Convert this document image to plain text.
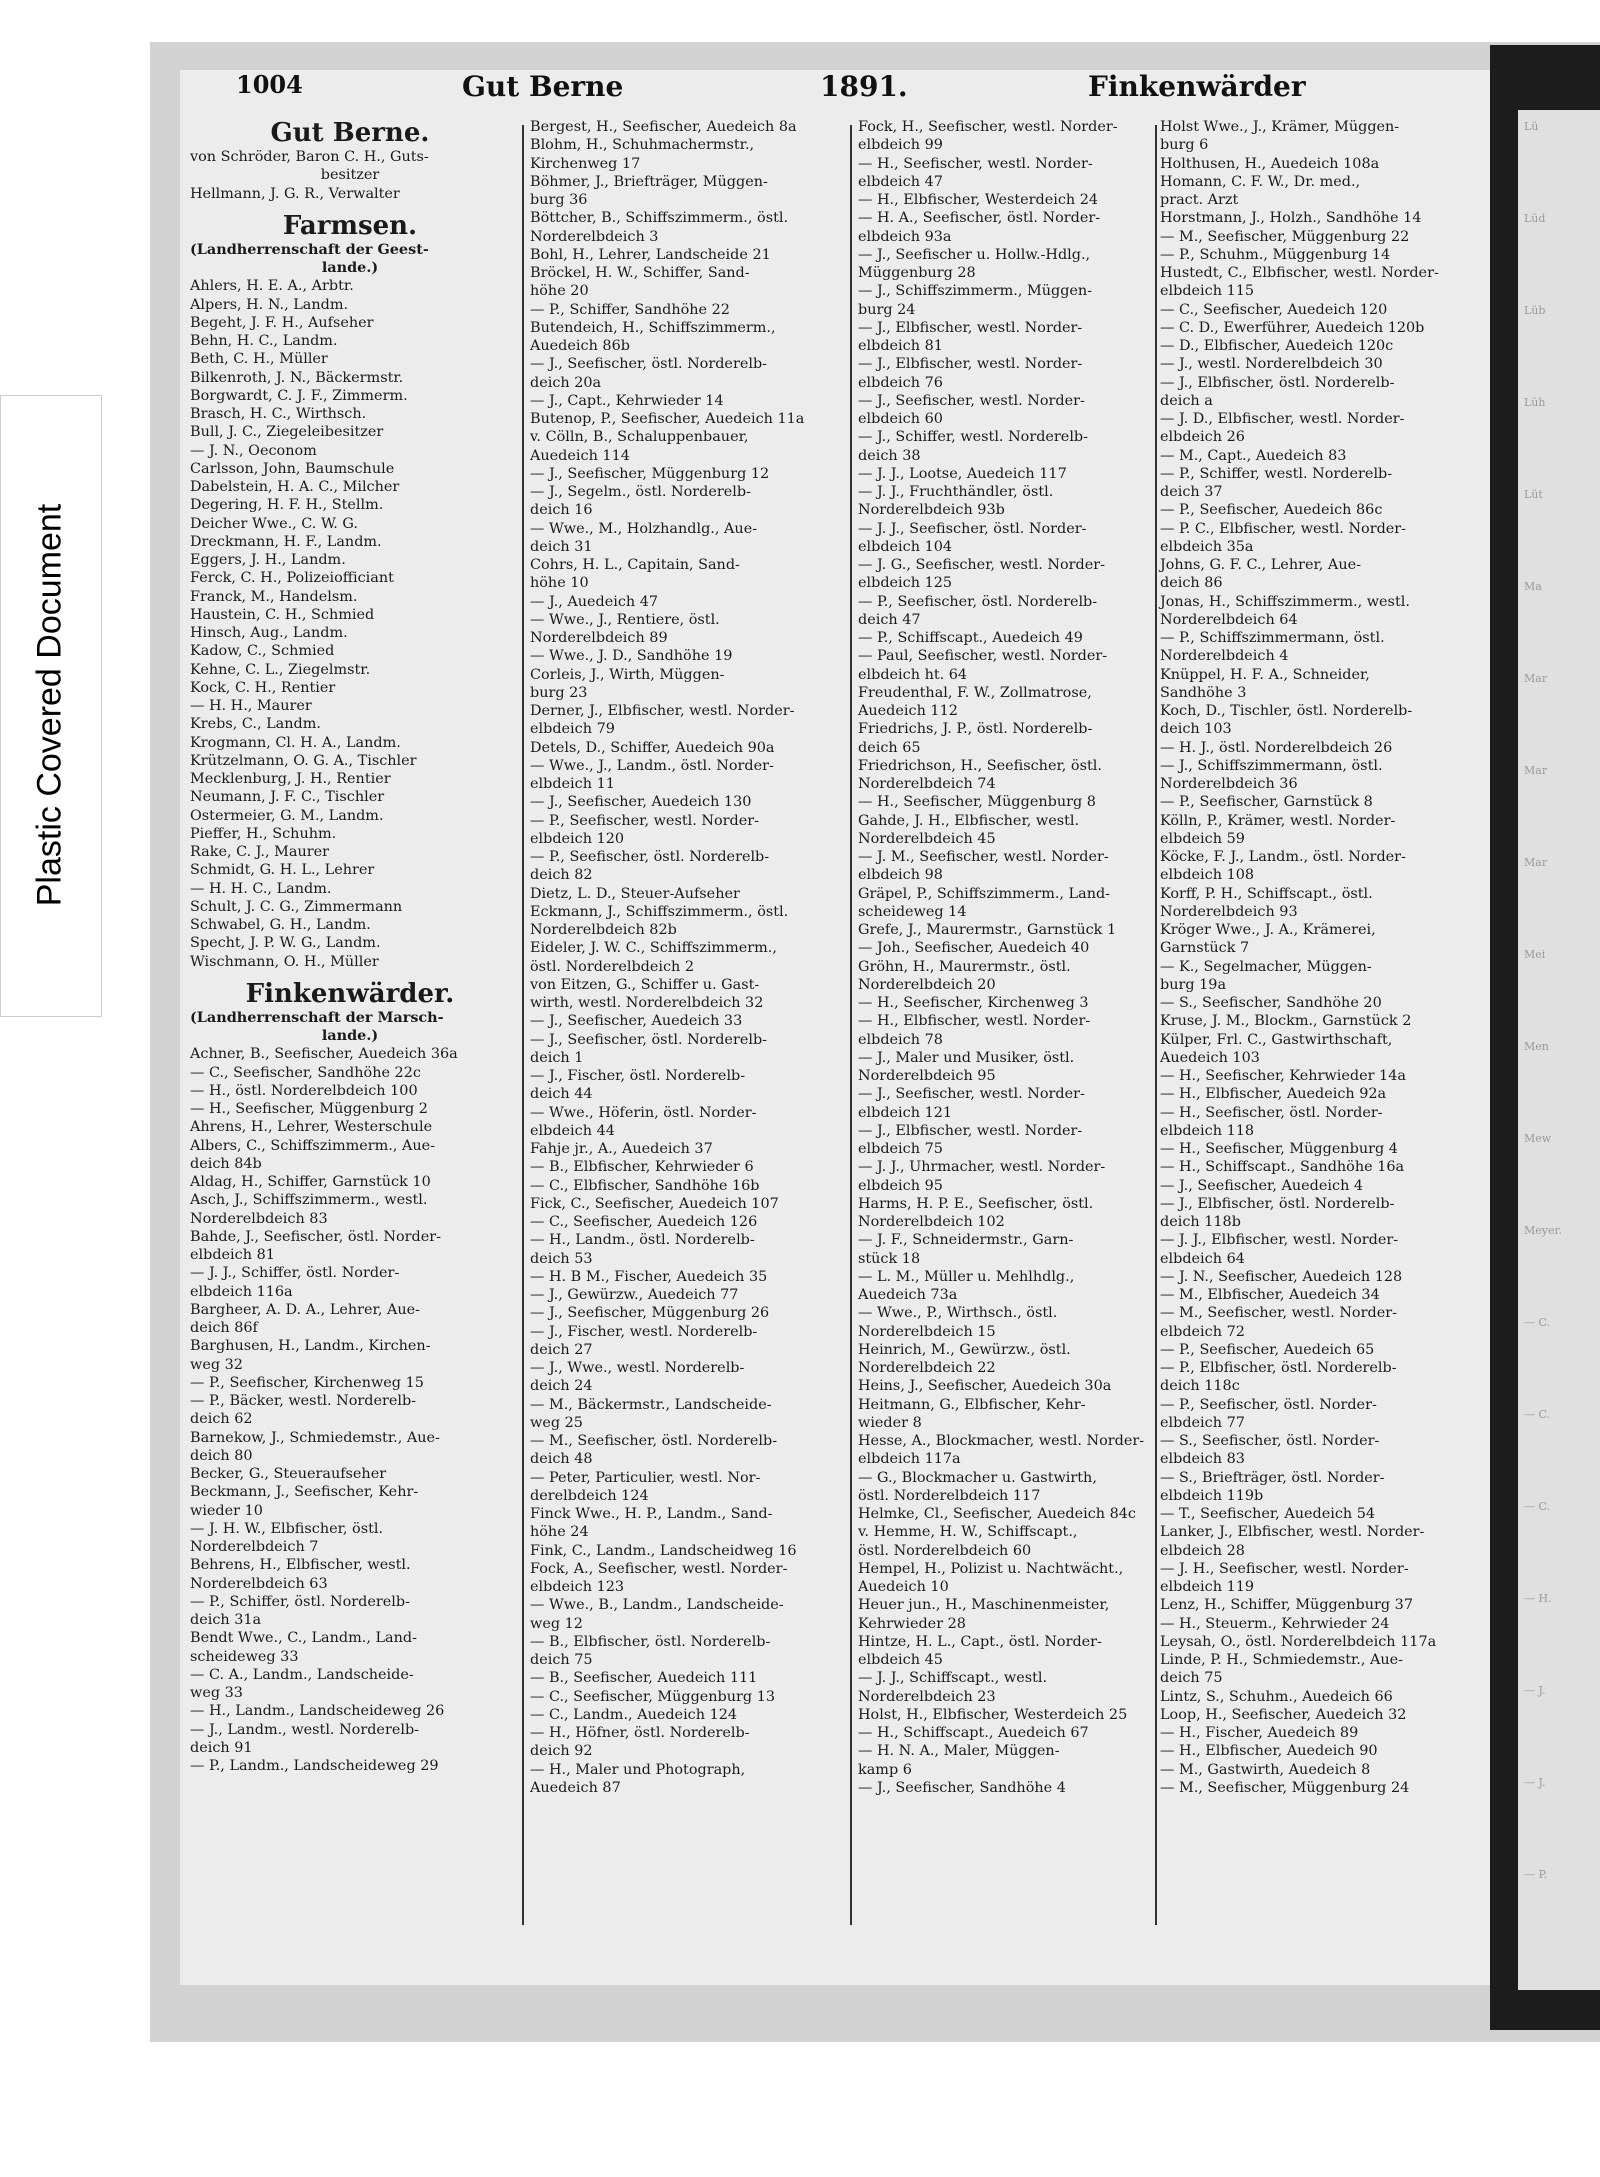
Plastic Covered Document
Lü
Lüd
Lüb
Lüh
Lüt
Ma
Mar
Mar
Mar
Mei
Men
Mew
Meyer.
— C.
— C.
— C.
— H.
— J.
— J.
— P.
1004	Gut Berne	1891.	Finkenwärder
Gut Berne.
von Schröder, Baron C. H., Guts-
besitzer
Hellmann, J. G. R., Verwalter
Farmsen.
(Landherrenschaft der Geest-
lande.)
Ahlers, H. E. A., Arbtr.
Alpers, H. N., Landm.
Begeht, J. F. H., Aufseher
Behn, H. C., Landm.
Beth, C. H., Müller
Bilkenroth, J. N., Bäckermstr.
Borgwardt, C. J. F., Zimmerm.
Brasch, H. C., Wirthsch.
Bull, J. C., Ziegeleibesitzer
— J. N., Oeconom
Carlsson, John, Baumschule
Dabelstein, H. A. C., Milcher
Degering, H. F. H., Stellm.
Deicher Wwe., C. W. G.
Dreckmann, H. F., Landm.
Eggers, J. H., Landm.
Ferck, C. H., Polizeiofficiant
Franck, M., Handelsm.
Haustein, C. H., Schmied
Hinsch, Aug., Landm.
Kadow, C., Schmied
Kehne, C. L., Ziegelmstr.
Kock, C. H., Rentier
— H. H., Maurer
Krebs, C., Landm.
Krogmann, Cl. H. A., Landm.
Krützelmann, O. G. A., Tischler
Mecklenburg, J. H., Rentier
Neumann, J. F. C., Tischler
Ostermeier, G. M., Landm.
Pieffer, H., Schuhm.
Rake, C. J., Maurer
Schmidt, G. H. L., Lehrer
— H. H. C., Landm.
Schult, J. C. G., Zimmermann
Schwabel, G. H., Landm.
Specht, J. P. W. G., Landm.
Wischmann, O. H., Müller
Finkenwärder.
(Landherrenschaft der Marsch-
lande.)
Achner, B., Seefischer, Auedeich 36a
— C., Seefischer, Sandhöhe 22c
— H., östl. Norderelbdeich 100
— H., Seefischer, Müggenburg 2
Ahrens, H., Lehrer, Westerschule
Albers, C., Schiffszimmerm., Aue-
deich 84b
Aldag, H., Schiffer, Garnstück 10
Asch, J., Schiffszimmerm., westl.
Norderelbdeich 83
Bahde, J., Seefischer, östl. Norder-
elbdeich 81
— J. J., Schiffer, östl. Norder-
elbdeich 116a
Bargheer, A. D. A., Lehrer, Aue-
deich 86f
Barghusen, H., Landm., Kirchen-
weg 32
— P., Seefischer, Kirchenweg 15
— P., Bäcker, westl. Norderelb-
deich 62
Barnekow, J., Schmiedemstr., Aue-
deich 80
Becker, G., Steueraufseher
Beckmann, J., Seefischer, Kehr-
wieder 10
— J. H. W., Elbfischer, östl.
Norderelbdeich 7
Behrens, H., Elbfischer, westl.
Norderelbdeich 63
— P., Schiffer, östl. Norderelb-
deich 31a
Bendt Wwe., C., Landm., Land-
scheideweg 33
— C. A., Landm., Landscheide-
weg 33
— H., Landm., Landscheideweg 26
— J., Landm., westl. Norderelb-
deich 91
— P., Landm., Landscheideweg 29
Bergest, H., Seefischer, Auedeich 8a
Blohm, H., Schuhmachermstr.,
Kirchenweg 17
Böhmer, J., Briefträger, Müggen-
burg 36
Böttcher, B., Schiffszimmerm., östl.
Norderelbdeich 3
Bohl, H., Lehrer, Landscheide 21
Bröckel, H. W., Schiffer, Sand-
höhe 20
— P., Schiffer, Sandhöhe 22
Butendeich, H., Schiffszimmerm.,
Auedeich 86b
— J., Seefischer, östl. Norderelb-
deich 20a
— J., Capt., Kehrwieder 14
Butenop, P., Seefischer, Auedeich 11a
v. Cölln, B., Schaluppenbauer,
Auedeich 114
— J., Seefischer, Müggenburg 12
— J., Segelm., östl. Norderelb-
deich 16
— Wwe., M., Holzhandlg., Aue-
deich 31
Cohrs, H. L., Capitain, Sand-
höhe 10
— J., Auedeich 47
— Wwe., J., Rentiere, östl.
Norderelbdeich 89
— Wwe., J. D., Sandhöhe 19
Corleis, J., Wirth, Müggen-
burg 23
Derner, J., Elbfischer, westl. Norder-
elbdeich 79
Detels, D., Schiffer, Auedeich 90a
— Wwe., J., Landm., östl. Norder-
elbdeich 11
— J., Seefischer, Auedeich 130
— P., Seefischer, westl. Norder-
elbdeich 120
— P., Seefischer, östl. Norderelb-
deich 82
Dietz, L. D., Steuer-Aufseher
Eckmann, J., Schiffszimmerm., östl.
Norderelbdeich 82b
Eideler, J. W. C., Schiffszimmerm.,
östl. Norderelbdeich 2
von Eitzen, G., Schiffer u. Gast-
wirth, westl. Norderelbdeich 32
— J., Seefischer, Auedeich 33
— J., Seefischer, östl. Norderelb-
deich 1
— J., Fischer, östl. Norderelb-
deich 44
— Wwe., Höferin, östl. Norder-
elbdeich 44
Fahje jr., A., Auedeich 37
— B., Elbfischer, Kehrwieder 6
— C., Elbfischer, Sandhöhe 16b
Fick, C., Seefischer, Auedeich 107
— C., Seefischer, Auedeich 126
— H., Landm., östl. Norderelb-
deich 53
— H. B M., Fischer, Auedeich 35
— J., Gewürzw., Auedeich 77
— J., Seefischer, Müggenburg 26
— J., Fischer, westl. Norderelb-
deich 27
— J., Wwe., westl. Norderelb-
deich 24
— M., Bäckermstr., Landscheide-
weg 25
— M., Seefischer, östl. Norderelb-
deich 48
— Peter, Particulier, westl. Nor-
derelbdeich 124
Finck Wwe., H. P., Landm., Sand-
höhe 24
Fink, C., Landm., Landscheidweg 16
Fock, A., Seefischer, westl. Norder-
elbdeich 123
— Wwe., B., Landm., Landscheide-
weg 12
— B., Elbfischer, östl. Norderelb-
deich 75
— B., Seefischer, Auedeich 111
— C., Seefischer, Müggenburg 13
— C., Landm., Auedeich 124
— H., Höfner, östl. Norderelb-
deich 92
— H., Maler und Photograph,
Auedeich 87
Fock, H., Seefischer, westl. Norder-
elbdeich 99
— H., Seefischer, westl. Norder-
elbdeich 47
— H., Elbfischer, Westerdeich 24
— H. A., Seefischer, östl. Norder-
elbdeich 93a
— J., Seefischer u. Hollw.-Hdlg.,
Müggenburg 28
— J., Schiffszimmerm., Müggen-
burg 24
— J., Elbfischer, westl. Norder-
elbdeich 81
— J., Elbfischer, westl. Norder-
elbdeich 76
— J., Seefischer, westl. Norder-
elbdeich 60
— J., Schiffer, westl. Norderelb-
deich 38
— J. J., Lootse, Auedeich 117
— J. J., Fruchthändler, östl.
Norderelbdeich 93b
— J. J., Seefischer, östl. Norder-
elbdeich 104
— J. G., Seefischer, westl. Norder-
elbdeich 125
— P., Seefischer, östl. Norderelb-
deich 47
— P., Schiffscapt., Auedeich 49
— Paul, Seefischer, westl. Norder-
elbdeich ht. 64
Freudenthal, F. W., Zollmatrose,
Auedeich 112
Friedrichs, J. P., östl. Norderelb-
deich 65
Friedrichson, H., Seefischer, östl.
Norderelbdeich 74
— H., Seefischer, Müggenburg 8
Gahde, J. H., Elbfischer, westl.
Norderelbdeich 45
— J. M., Seefischer, westl. Norder-
elbdeich 98
Gräpel, P., Schiffszimmerm., Land-
scheideweg 14
Grefe, J., Maurermstr., Garnstück 1
— Joh., Seefischer, Auedeich 40
Gröhn, H., Maurermstr., östl.
Norderelbdeich 20
— H., Seefischer, Kirchenweg 3
— H., Elbfischer, westl. Norder-
elbdeich 78
— J., Maler und Musiker, östl.
Norderelbdeich 95
— J., Seefischer, westl. Norder-
elbdeich 121
— J., Elbfischer, westl. Norder-
elbdeich 75
— J. J., Uhrmacher, westl. Norder-
elbdeich 95
Harms, H. P. E., Seefischer, östl.
Norderelbdeich 102
— J. F., Schneidermstr., Garn-
stück 18
— L. M., Müller u. Mehlhdlg.,
Auedeich 73a
— Wwe., P., Wirthsch., östl.
Norderelbdeich 15
Heinrich, M., Gewürzw., östl.
Norderelbdeich 22
Heins, J., Seefischer, Auedeich 30a
Heitmann, G., Elbfischer, Kehr-
wieder 8
Hesse, A., Blockmacher, westl. Norder-
elbdeich 117a
— G., Blockmacher u. Gastwirth,
östl. Norderelbdeich 117
Helmke, Cl., Seefischer, Auedeich 84c
v. Hemme, H. W., Schiffscapt.,
östl. Norderelbdeich 60
Hempel, H., Polizist u. Nachtwächt.,
Auedeich 10
Heuer jun., H., Maschinenmeister,
Kehrwieder 28
Hintze, H. L., Capt., östl. Norder-
elbdeich 45
— J. J., Schiffscapt., westl.
Norderelbdeich 23
Holst, H., Elbfischer, Westerdeich 25
— H., Schiffscapt., Auedeich 67
— H. N. A., Maler, Müggen-
kamp 6
— J., Seefischer, Sandhöhe 4
Holst Wwe., J., Krämer, Müggen-
burg 6
Holthusen, H., Auedeich 108a
Homann, C. F. W., Dr. med.,
pract. Arzt
Horstmann, J., Holzh., Sandhöhe 14
— M., Seefischer, Müggenburg 22
— P., Schuhm., Müggenburg 14
Hustedt, C., Elbfischer, westl. Norder-
elbdeich 115
— C., Seefischer, Auedeich 120
— C. D., Ewerführer, Auedeich 120b
— D., Elbfischer, Auedeich 120c
— J., westl. Norderelbdeich 30
— J., Elbfischer, östl. Norderelb-
deich a
— J. D., Elbfischer, westl. Norder-
elbdeich 26
— M., Capt., Auedeich 83
— P., Schiffer, westl. Norderelb-
deich 37
— P., Seefischer, Auedeich 86c
— P. C., Elbfischer, westl. Norder-
elbdeich 35a
Johns, G. F. C., Lehrer, Aue-
deich 86
Jonas, H., Schiffszimmerm., westl.
Norderelbdeich 64
— P., Schiffszimmermann, östl.
Norderelbdeich 4
Knüppel, H. F. A., Schneider,
Sandhöhe 3
Koch, D., Tischler, östl. Norderelb-
deich 103
— H. J., östl. Norderelbdeich 26
— J., Schiffszimmermann, östl.
Norderelbdeich 36
— P., Seefischer, Garnstück 8
Kölln, P., Krämer, westl. Norder-
elbdeich 59
Köcke, F. J., Landm., östl. Norder-
elbdeich 108
Korff, P. H., Schiffscapt., östl.
Norderelbdeich 93
Kröger Wwe., J. A., Krämerei,
Garnstück 7
— K., Segelmacher, Müggen-
burg 19a
— S., Seefischer, Sandhöhe 20
Kruse, J. M., Blockm., Garnstück 2
Külper, Frl. C., Gastwirthschaft,
Auedeich 103
— H., Seefischer, Kehrwieder 14a
— H., Elbfischer, Auedeich 92a
— H., Seefischer, östl. Norder-
elbdeich 118
— H., Seefischer, Müggenburg 4
— H., Schiffscapt., Sandhöhe 16a
— J., Seefischer, Auedeich 4
— J., Elbfischer, östl. Norderelb-
deich 118b
— J. J., Elbfischer, westl. Norder-
elbdeich 64
— J. N., Seefischer, Auedeich 128
— M., Elbfischer, Auedeich 34
— M., Seefischer, westl. Norder-
elbdeich 72
— P., Seefischer, Auedeich 65
— P., Elbfischer, östl. Norderelb-
deich 118c
— P., Seefischer, östl. Norder-
elbdeich 77
— S., Seefischer, östl. Norder-
elbdeich 83
— S., Briefträger, östl. Norder-
elbdeich 119b
— T., Seefischer, Auedeich 54
Lanker, J., Elbfischer, westl. Norder-
elbdeich 28
— J. H., Seefischer, westl. Norder-
elbdeich 119
Lenz, H., Schiffer, Müggenburg 37
— H., Steuerm., Kehrwieder 24
Leysah, O., östl. Norderelbdeich 117a
Linde, P. H., Schmiedemstr., Aue-
deich 75
Lintz, S., Schuhm., Auedeich 66
Loop, H., Seefischer, Auedeich 32
— H., Fischer, Auedeich 89
— H., Elbfischer, Auedeich 90
— M., Gastwirth, Auedeich 8
— M., Seefischer, Müggenburg 24
